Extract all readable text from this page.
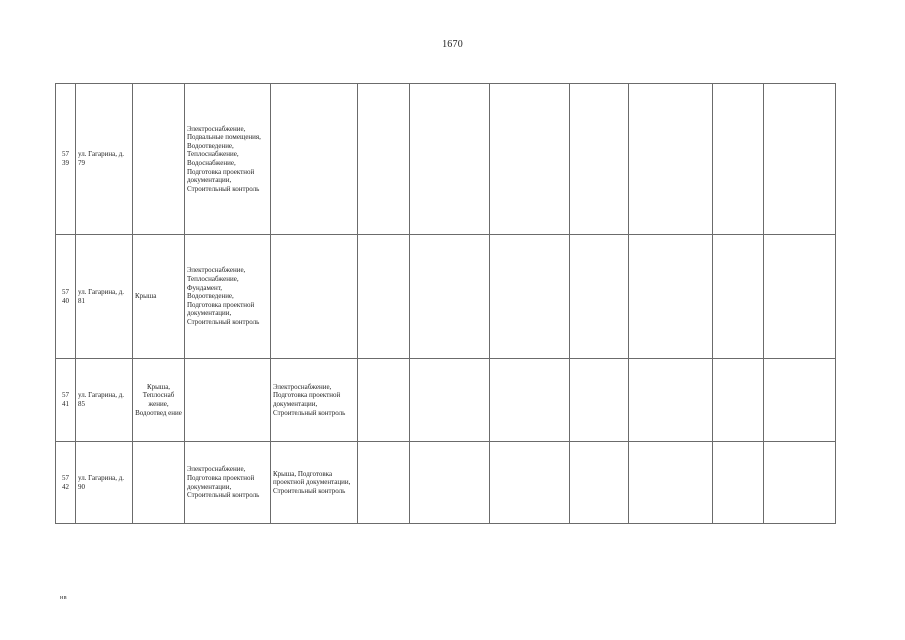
1670
57 39	ул. Гагарина, д. 79		Электроснабжение, Подвальные помещения, Водоотведение, Теплоснабжение, Водоснабжение, Подготовка проектной документации, Строительный контроль								
57 40	ул. Гагарина, д. 81	Крыша	Электроснабжение, Теплоснабжение, Фундамент, Водоотведение, Подготовка проектной документации, Строительный контроль								
57 41	ул. Гагарина, д. 85	Крыша, Теплоснаб жение, Водоотвед ение		Электроснабжение, Подготовка проектной документации, Строительный контроль							
57 42	ул. Гагарина, д. 90		Электроснабжение, Подготовка проектной документации, Строительный контроль	Крыша, Подготовка проектной документации, Строительный контроль							
нв
